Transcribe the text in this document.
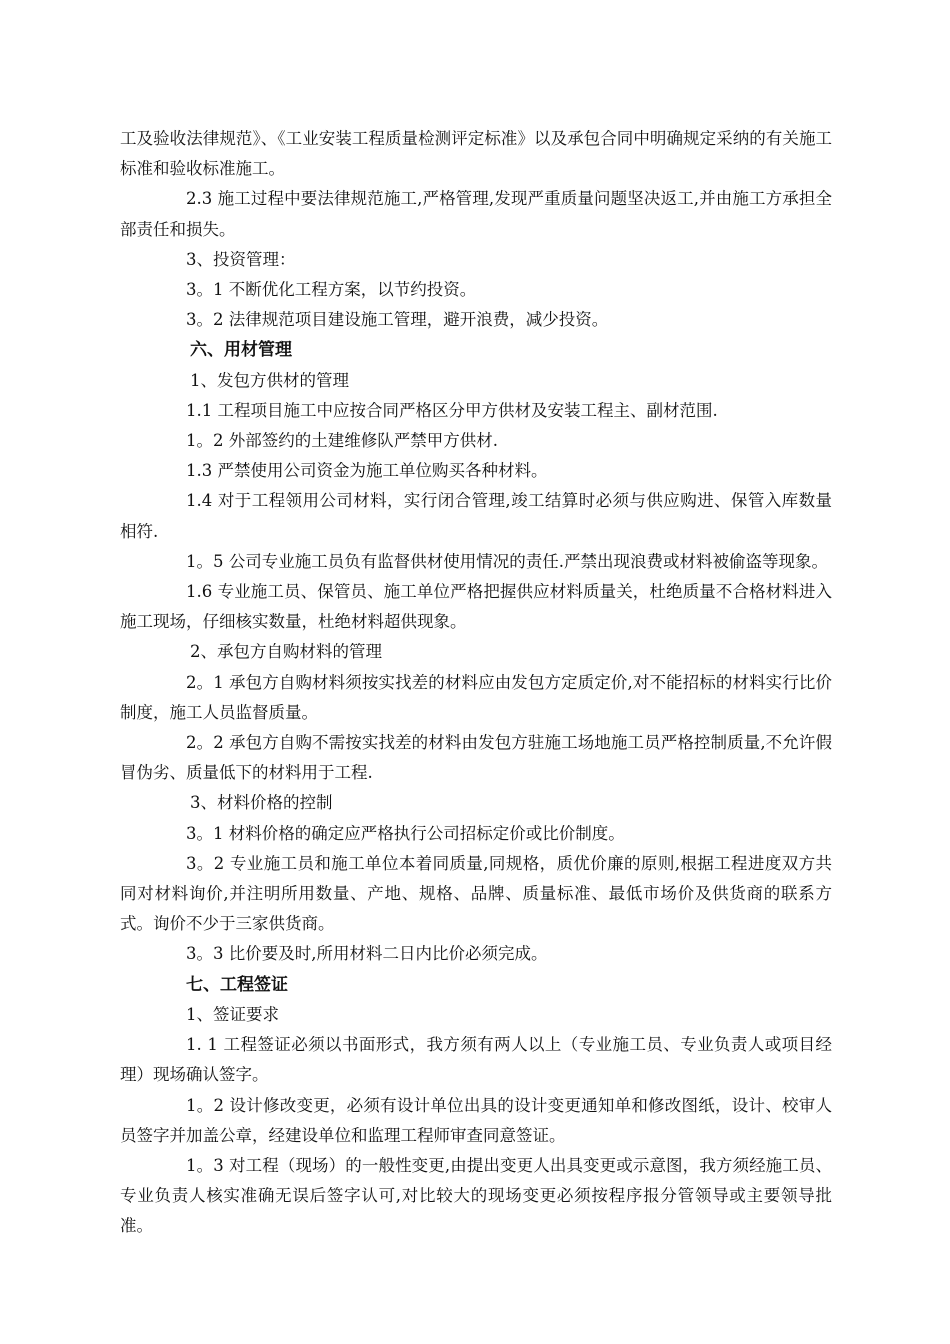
工及验收法律规范》、《工业安装工程质量检测评定标准》以及承包合同中明确规定采纳的有关施工标准和验收标准施工。

2.3 施工过程中要法律规范施工,严格管理,发现严重质量问题坚决返工,并由施工方承担全部责任和损失。

3、投资管理：

3。1 不断优化工程方案，以节约投资。

3。2 法律规范项目建设施工管理，避开浪费，减少投资。

六、用材管理

1、发包方供材的管理

1.1 工程项目施工中应按合同严格区分甲方供材及安装工程主、副材范围.

1。2 外部签约的土建维修队严禁甲方供材.

1.3 严禁使用公司资金为施工单位购买各种材料。

1.4 对于工程领用公司材料，实行闭合管理,竣工结算时必须与供应购进、保管入库数量相符.

1。5 公司专业施工员负有监督供材使用情况的责任.严禁出现浪费或材料被偷盗等现象。

1.6 专业施工员、保管员、施工单位严格把握供应材料质量关，杜绝质量不合格材料进入施工现场，仔细核实数量，杜绝材料超供现象。

2、承包方自购材料的管理

2。1 承包方自购材料须按实找差的材料应由发包方定质定价,对不能招标的材料实行比价制度，施工人员监督质量。

2。2 承包方自购不需按实找差的材料由发包方驻施工场地施工员严格控制质量,不允许假冒伪劣、质量低下的材料用于工程.

3、材料价格的控制

3。1 材料价格的确定应严格执行公司招标定价或比价制度。

3。2 专业施工员和施工单位本着同质量,同规格，质优价廉的原则,根据工程进度双方共同对材料询价,并注明所用数量、产地、规格、品牌、质量标准、最低市场价及供货商的联系方式。询价不少于三家供货商。

3。3 比价要及时,所用材料二日内比价必须完成。

七、工程签证

1、签证要求

1. 1 工程签证必须以书面形式，我方须有两人以上（专业施工员、专业负责人或项目经理）现场确认签字。

1。2 设计修改变更，必须有设计单位出具的设计变更通知单和修改图纸，设计、校审人员签字并加盖公章，经建设单位和监理工程师审查同意签证。

1。3 对工程（现场）的一般性变更,由提出变更人出具变更或示意图，我方须经施工员、专业负责人核实准确无误后签字认可,对比较大的现场变更必须按程序报分管领导或主要领导批准。
